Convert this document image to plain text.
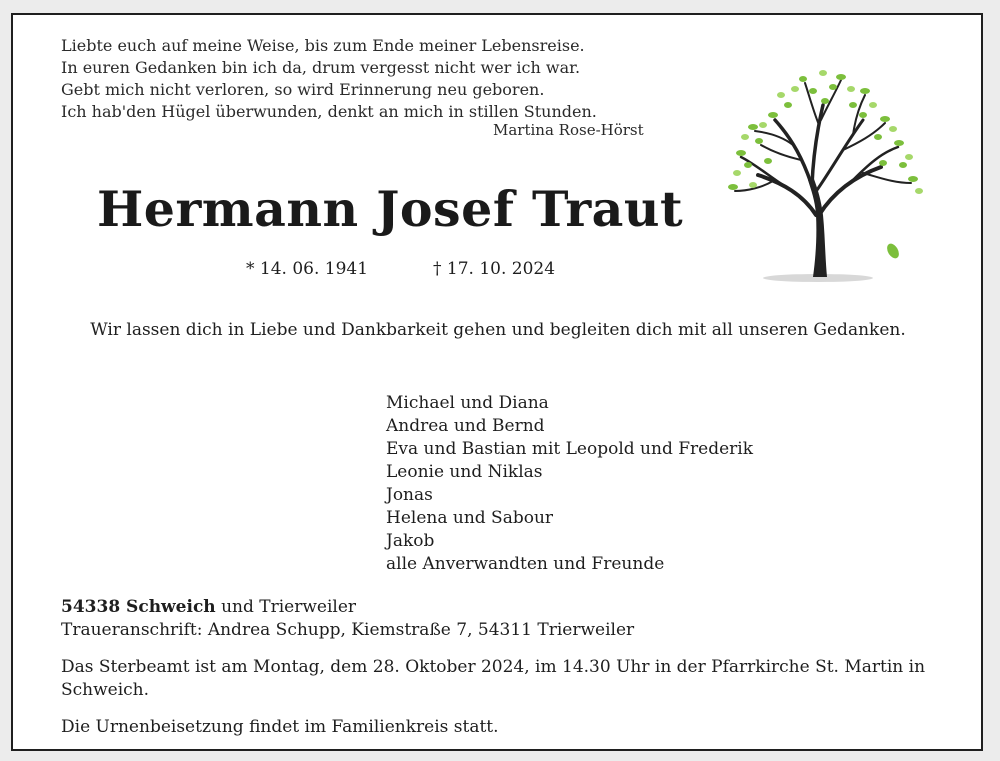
Liebte euch auf meine Weise, bis zum Ende meiner Lebensreise.
In euren Gedanken bin ich da, drum vergesst nicht wer ich war.
Gebt mich nicht verloren, so wird Erinnerung neu geboren.
Ich hab'den Hügel überwunden, denkt an mich in stillen Stunden.
Martina Rose-Hörst
Hermann Josef Traut
* 14. 06. 1941	† 17. 10. 2024
Wir lassen dich in Liebe und Dankbarkeit gehen und begleiten dich mit all unseren Gedanken.
Michael und Diana
Andrea und Bernd
Eva und Bastian mit Leopold und Frederik
Leonie und Niklas
Jonas
Helena und Sabour
Jakob
alle Anverwandten und Freunde
54338 Schweich und Trierweiler
Traueranschrift: Andrea Schupp, Kiemstraße 7, 54311 Trierweiler
Das Sterbeamt ist am Montag, dem 28. Oktober 2024, im 14.30 Uhr in der Pfarrkirche St. Martin in Schweich.
Die Urnenbeisetzung findet im Familienkreis statt.
